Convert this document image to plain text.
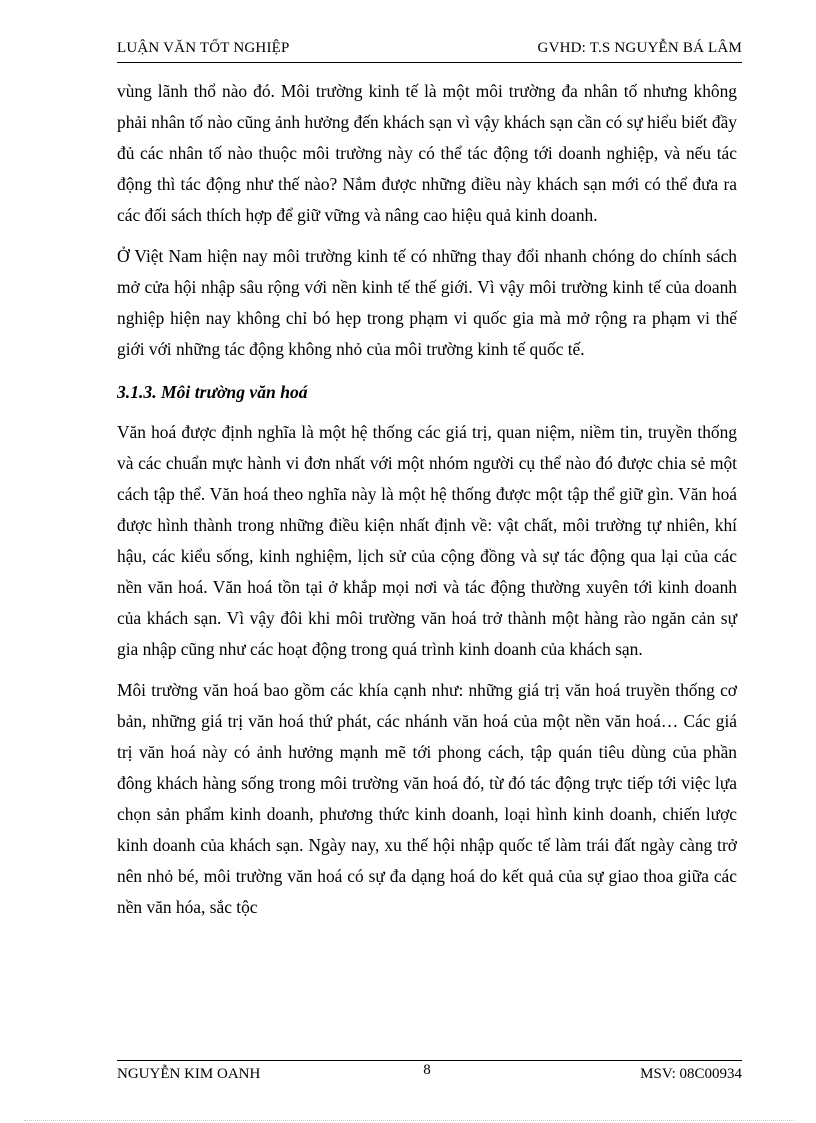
LUẬN VĂN TỐT NGHIỆP	GVHD: T.S NGUYỄN BÁ LÂM

vùng lãnh thổ nào đó. Môi trường kinh tế là một môi trường đa nhân tố nhưng không phải nhân tố nào cũng ảnh hưởng đến khách sạn vì vậy khách sạn cần có sự hiểu biết đầy đủ các nhân tố nào thuộc môi trường này có thể tác động tới doanh nghiệp, và nếu tác động thì tác động như thế nào? Nắm được những điều này khách sạn mới có thể đưa ra các đối sách thích hợp để giữ vững và nâng cao hiệu quả kinh doanh.

Ở Việt Nam hiện nay môi trường kinh tế có những thay đổi nhanh chóng do chính sách mở cửa hội nhập sâu rộng với nền kinh tế thế giới. Vì vậy môi trường kinh tế của doanh nghiệp hiện nay không chỉ bó hẹp trong phạm vi quốc gia mà mở rộng ra phạm vi thế giới với những tác động không nhỏ của môi trường kinh tế quốc tế.

3.1.3. Môi trường văn hoá

Văn hoá được định nghĩa là một hệ thống các giá trị, quan niệm, niềm tin, truyền thống và các chuẩn mực hành vi đơn nhất với một nhóm người cụ thể nào đó được chia sẻ một cách tập thể. Văn hoá theo nghĩa này là một hệ thống được một tập thể giữ gìn. Văn hoá được hình thành trong những điều kiện nhất định về: vật chất, môi trường tự nhiên, khí hậu, các kiểu sống, kinh nghiệm, lịch sử của cộng đồng và sự tác động qua lại của các nền văn hoá. Văn hoá tồn tại ở khắp mọi nơi và tác động thường xuyên tới kinh doanh của khách sạn. Vì vậy đôi khi môi trường văn hoá trở thành một hàng rào ngăn cản sự gia nhập cũng như các hoạt động trong quá trình kinh doanh của khách sạn.

Môi trường văn hoá bao gồm các khía cạnh như: những giá trị văn hoá truyền thống cơ bản, những giá trị văn hoá thứ phát, các nhánh văn hoá của một nền văn hoá… Các giá trị văn hoá này có ảnh hưởng mạnh mẽ tới phong cách, tập quán tiêu dùng của phần đông khách hàng sống trong môi trường văn hoá đó, từ đó tác động trực tiếp tới việc lựa chọn sản phẩm kinh doanh, phương thức kinh doanh, loại hình kinh doanh, chiến lược kinh doanh của khách sạn. Ngày nay, xu thế hội nhập quốc tế làm trái đất ngày càng trở nên nhỏ bé, môi trường văn hoá có sự đa dạng hoá do kết quả của sự giao thoa giữa các nền văn hóa, sắc tộc

NGUYỄN KIM OANH	8	MSV: 08C00934
